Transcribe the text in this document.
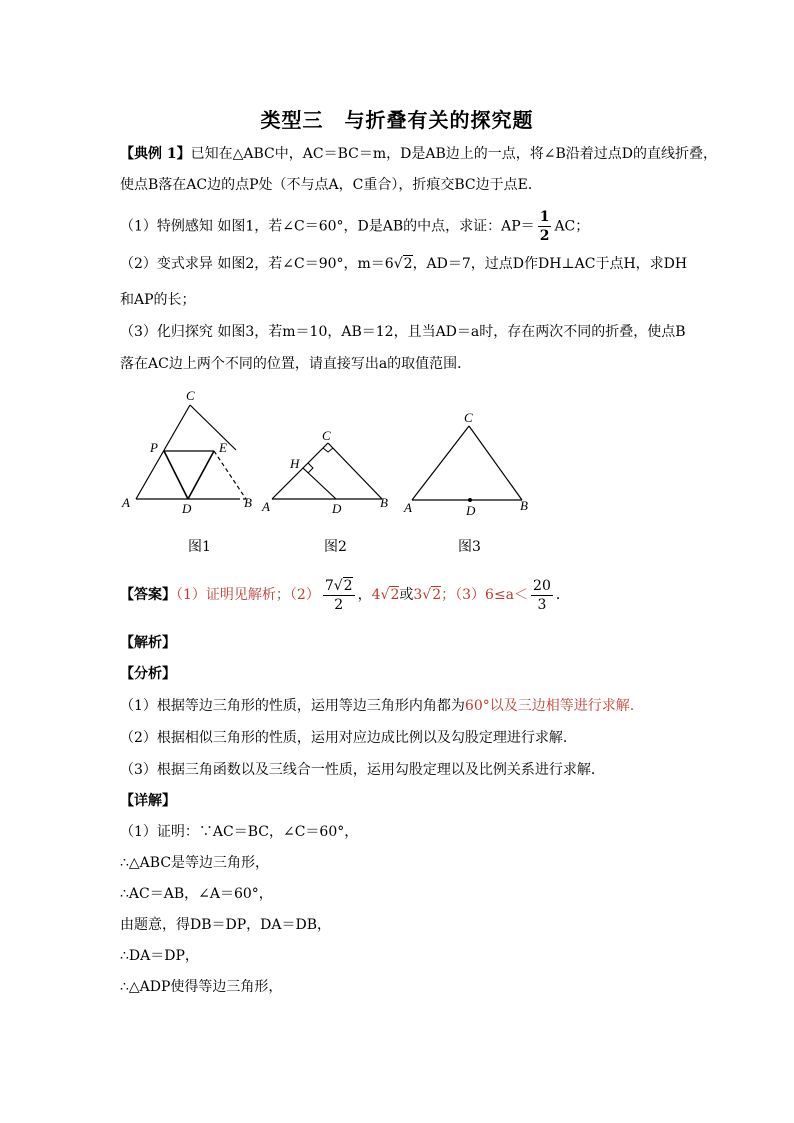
类型三　与折叠有关的探究题
【典例 1】已知在△ABC中，AC＝BC＝m，D是AB边上的一点，将∠B沿着过点D的直线折叠，
使点B落在AC边的点P处（不与点A，C重合），折痕交BC边于点E．
（1）特例感知 如图1，若∠C＝60°，D是AB的中点，求证：$AP= \frac{1}{2}$ AC；
（2）变式求异 如图2，若∠C＝90°，m＝6√2，AD＝7，过点D作DH⊥AC于点H，求DH
和AP的长；
（3）化归探究 如图3，若m＝10，AB＝12，且当AD＝a时，存在两次不同的折叠，使点B
落在AC边上两个不同的位置，请直接写出a的取值范围．
C
P	E
A	D	B
C
H
A	D	B
C
A	D	B
图1	图2	图3
【答案】（1）证明见解析；$(2) \frac{7√2}{2}$ ，4√2或3√2；$(3)6\le a< \frac{20}{3}$ ．
【解析】
【分析】
（1）根据等边三角形的性质，运用等边三角形内角都为60°以及三边相等进行求解.
（2）根据相似三角形的性质，运用对应边成比例以及勾股定理进行求解．
（3）根据三角函数以及三线合一性质，运用勾股定理以及比例关系进行求解．
【详解】
（1）证明：∵AC＝BC，∠C＝60°，
∴△ABC是等边三角形，
∴AC＝AB，∠A＝60°，
由题意，得DB＝DP，DA＝DB，
∴DA＝DP，
∴△ADP使得等边三角形，
